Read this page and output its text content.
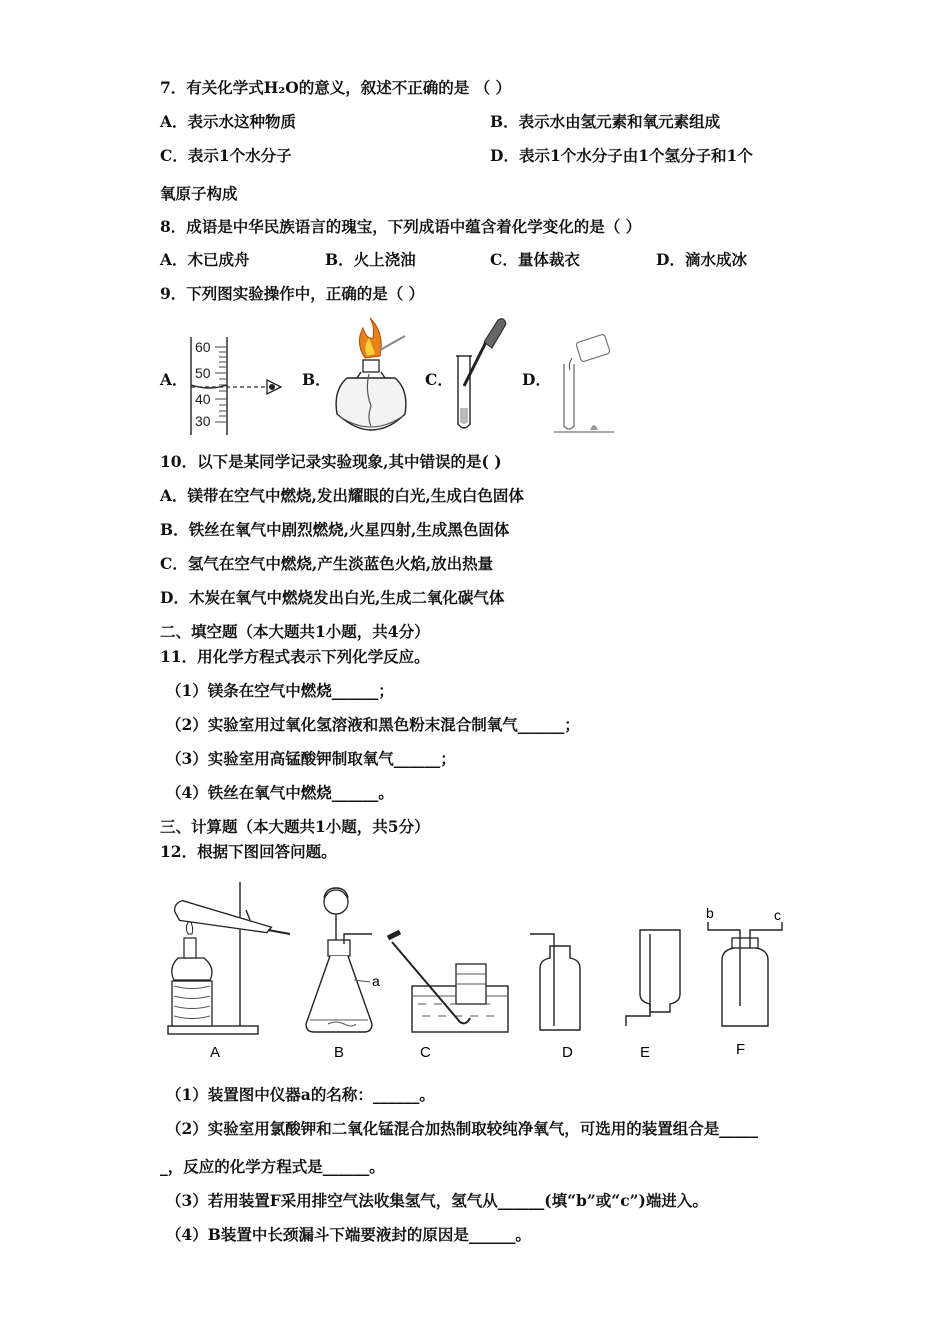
7．有关化学式H₂O的意义，叙述不正确的是 （ ）
A．表示水这种物质	B．表示水由氢元素和氧元素组成
C．表示1个水分子	D．表示1个水分子由1个氢分子和1个
氧原子构成
8．成语是中华民族语言的瑰宝，下列成语中蕴含着化学变化的是（ ）
A．木已成舟	B．火上浇油	C．量体裁衣	D．滴水成冰
9．下列图实验操作中，正确的是（ ）
A．	B．	C．	D．
60
50
40
30
10．以下是某同学记录实验现象,其中错误的是( )
A．镁带在空气中燃烧,发出耀眼的白光,生成白色固体
B．铁丝在氧气中剧烈燃烧,火星四射,生成黑色固体
C．氢气在空气中燃烧,产生淡蓝色火焰,放出热量
D．木炭在氧气中燃烧发出白光,生成二氧化碳气体
二、填空题（本大题共1小题，共4分）
11．用化学方程式表示下列化学反应。
（1）镁条在空气中燃烧______；
（2）实验室用过氧化氢溶液和黑色粉末混合制氧气______；
（3）实验室用高锰酸钾制取氧气______；
（4）铁丝在氧气中燃烧______。
三、计算题（本大题共1小题，共5分）
12．根据下图回答问题。
A
a
B	C	D	E
b	c
F
（1）装置图中仪器a的名称：______。
（2）实验室用氯酸钾和二氧化锰混合加热制取较纯净氧气，可选用的装置组合是_____
_，反应的化学方程式是______。
（3）若用装置F采用排空气法收集氢气，氢气从______(填“b”或“c”)端进入。
（4）B装置中长颈漏斗下端要液封的原因是______。
